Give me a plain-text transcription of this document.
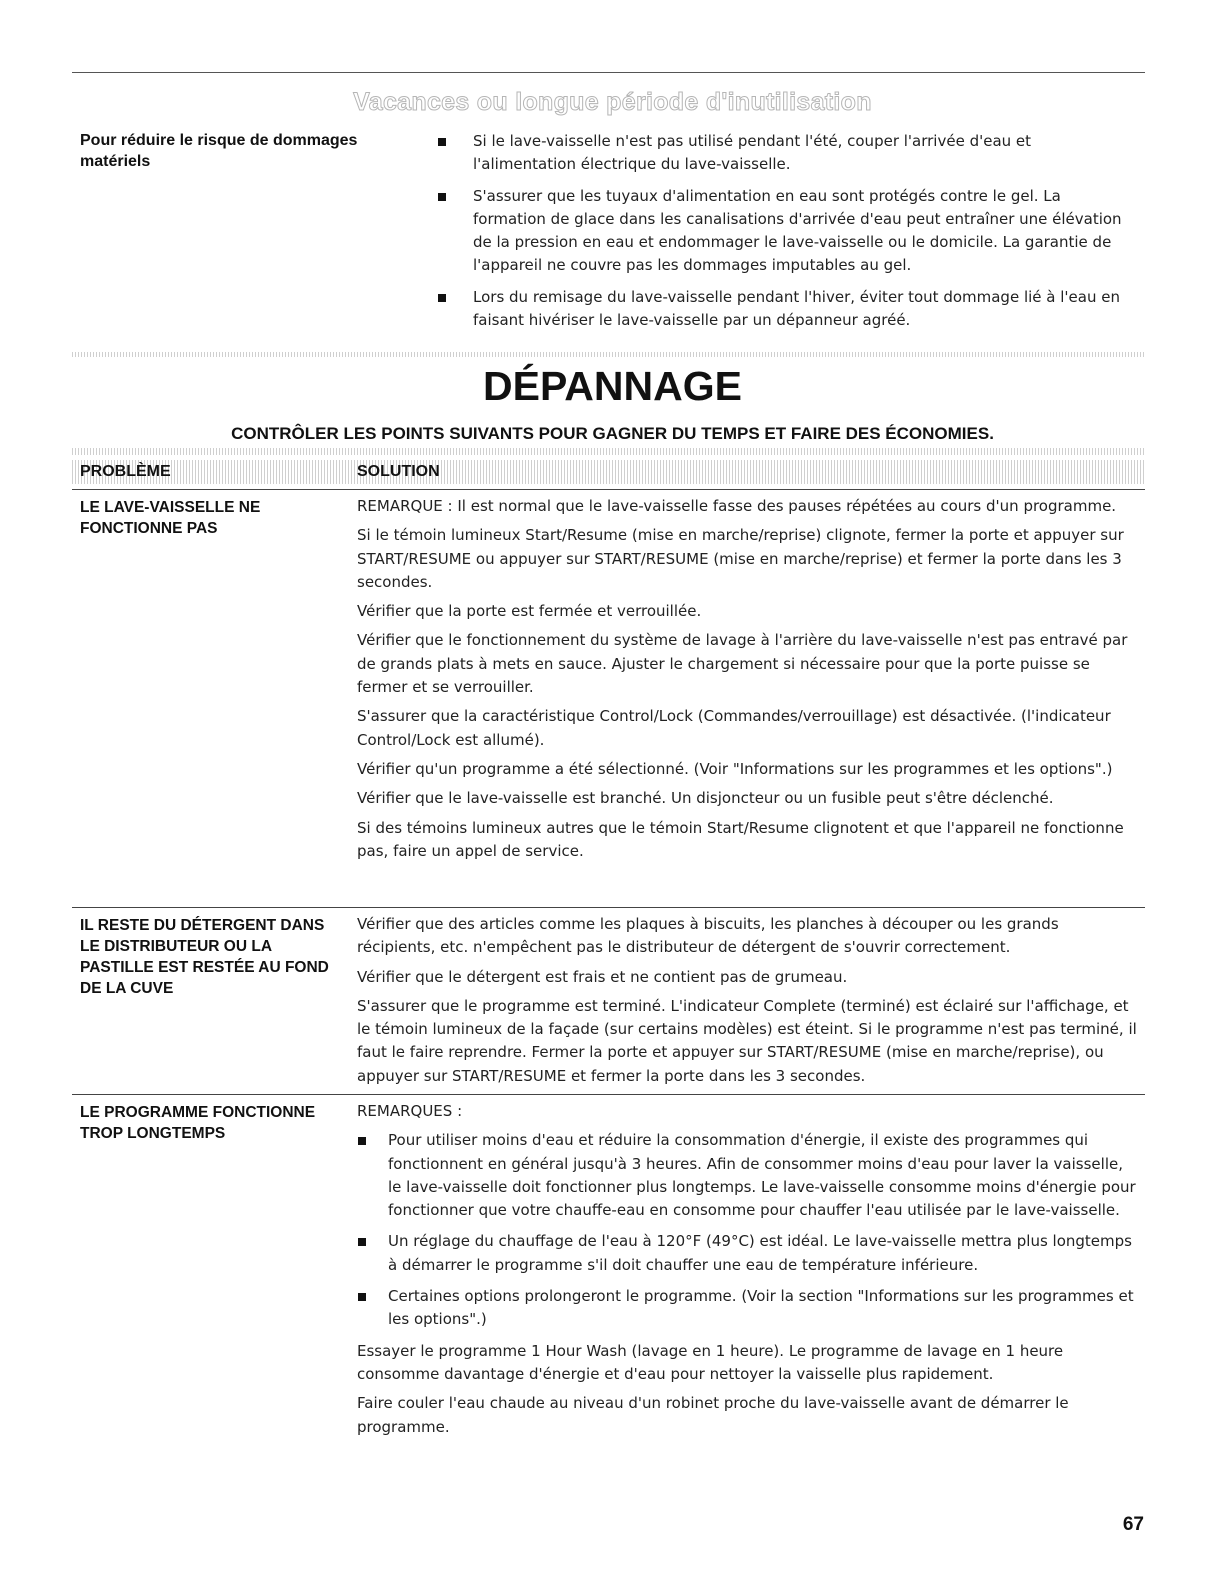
Vacances ou longue période d'inutilisation
Pour réduire le risque de dommages matériels
Si le lave-vaisselle n'est pas utilisé pendant l'été, couper l'arrivée d'eau et l'alimentation électrique du lave-vaisselle.
S'assurer que les tuyaux d'alimentation en eau sont protégés contre le gel. La formation de glace dans les canalisations d'arrivée d'eau peut entraîner une élévation de la pression en eau et endommager le lave-vaisselle ou le domicile. La garantie de l'appareil ne couvre pas les dommages imputables au gel.
Lors du remisage du lave-vaisselle pendant l'hiver, éviter tout dommage lié à l'eau en faisant hivériser le lave-vaisselle par un dépanneur agréé.
DÉPANNAGE
CONTRÔLER LES POINTS SUIVANTS POUR GAGNER DU TEMPS ET FAIRE DES ÉCONOMIES.
PROBLÈME	SOLUTION
LE LAVE-VAISSELLE NE FONCTIONNE PAS

REMARQUE : Il est normal que le lave-vaisselle fasse des pauses répétées au cours d'un programme.

Si le témoin lumineux Start/Resume (mise en marche/reprise) clignote, fermer la porte et appuyer sur START/RESUME ou appuyer sur START/RESUME (mise en marche/reprise) et fermer la porte dans les 3 secondes.

Vérifier que la porte est fermée et verrouillée.

Vérifier que le fonctionnement du système de lavage à l'arrière du lave-vaisselle n'est pas entravé par de grands plats à mets en sauce. Ajuster le chargement si nécessaire pour que la porte puisse se fermer et se verrouiller.

S'assurer que la caractéristique Control/Lock (Commandes/verrouillage) est désactivée. (l'indicateur Control/Lock est allumé).

Vérifier qu'un programme a été sélectionné. (Voir "Informations sur les programmes et les options".)

Vérifier que le lave-vaisselle est branché. Un disjoncteur ou un fusible peut s'être déclenché.

Si des témoins lumineux autres que le témoin Start/Resume clignotent et que l'appareil ne fonctionne pas, faire un appel de service.

IL RESTE DU DÉTERGENT DANS LE DISTRIBUTEUR OU LA PASTILLE EST RESTÉE AU FOND DE LA CUVE

Vérifier que des articles comme les plaques à biscuits, les planches à découper ou les grands récipients, etc. n'empêchent pas le distributeur de détergent de s'ouvrir correctement.

Vérifier que le détergent est frais et ne contient pas de grumeau.

S'assurer que le programme est terminé. L'indicateur Complete (terminé) est éclairé sur l'affichage, et le témoin lumineux de la façade (sur certains modèles) est éteint. Si le programme n'est pas terminé, il faut le faire reprendre. Fermer la porte et appuyer sur START/RESUME (mise en marche/reprise), ou appuyer sur START/RESUME et fermer la porte dans les 3 secondes.

LE PROGRAMME FONCTIONNE TROP LONGTEMPS

REMARQUES :

Pour utiliser moins d'eau et réduire la consommation d'énergie, il existe des programmes qui fonctionnent en général jusqu'à 3 heures. Afin de consommer moins d'eau pour laver la vaisselle, le lave-vaisselle doit fonctionner plus longtemps. Le lave-vaisselle consomme moins d'énergie pour fonctionner que votre chauffe-eau en consomme pour chauffer l'eau utilisée par le lave-vaisselle.
Un réglage du chauffage de l'eau à 120°F (49°C) est idéal. Le lave-vaisselle mettra plus longtemps à démarrer le programme s'il doit chauffer une eau de température inférieure.
Certaines options prolongeront le programme. (Voir la section "Informations sur les programmes et les options".)

Essayer le programme 1 Hour Wash (lavage en 1 heure). Le programme de lavage en 1 heure consomme davantage d'énergie et d'eau pour nettoyer la vaisselle plus rapidement.

Faire couler l'eau chaude au niveau d'un robinet proche du lave-vaisselle avant de démarrer le programme.

67
